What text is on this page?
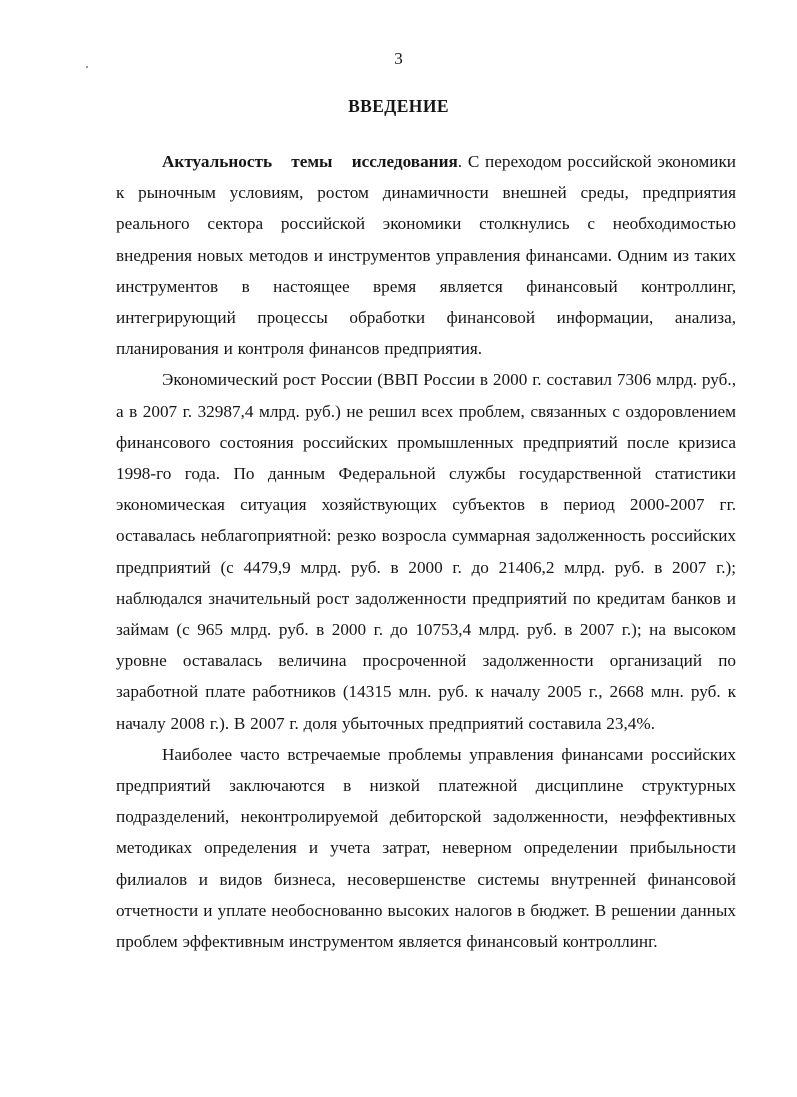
3
ВВЕДЕНИЕ

Актуальность темы исследования. С переходом российской экономики к рыночным условиям, ростом динамичности внешней среды, предприятия реального сектора российской экономики столкнулись с необходимостью внедрения новых методов и инструментов управления финансами. Одним из таких инструментов в настоящее время является финансовый контроллинг, интегрирующий процессы обработки финансовой информации, анализа, планирования и контроля финансов предприятия.

Экономический рост России (ВВП России в 2000 г. составил 7306 млрд. руб., а в 2007 г. 32987,4 млрд. руб.) не решил всех проблем, связанных с оздоровлением финансового состояния российских промышленных предприятий после кризиса 1998-го года. По данным Федеральной службы государственной статистики экономическая ситуация хозяйствующих субъектов в период 2000-2007 гг. оставалась неблагоприятной: резко возросла суммарная задолженность российских предприятий (с 4479,9 млрд. руб. в 2000 г. до 21406,2 млрд. руб. в 2007 г.); наблюдался значительный рост задолженности предприятий по кредитам банков и займам (с 965 млрд. руб. в 2000 г. до 10753,4 млрд. руб. в 2007 г.); на высоком уровне оставалась величина просроченной задолженности организаций по заработной плате работников (14315 млн. руб. к началу 2005 г., 2668 млн. руб. к началу 2008 г.). В 2007 г. доля убыточных предприятий составила 23,4%.

Наиболее часто встречаемые проблемы управления финансами российских предприятий заключаются в низкой платежной дисциплине структурных подразделений, неконтролируемой дебиторской задолженности, неэффективных методиках определения и учета затрат, неверном определении прибыльности филиалов и видов бизнеса, несовершенстве системы внутренней финансовой отчетности и уплате необоснованно высоких налогов в бюджет. В решении данных проблем эффективным инструментом является финансовый контроллинг.
